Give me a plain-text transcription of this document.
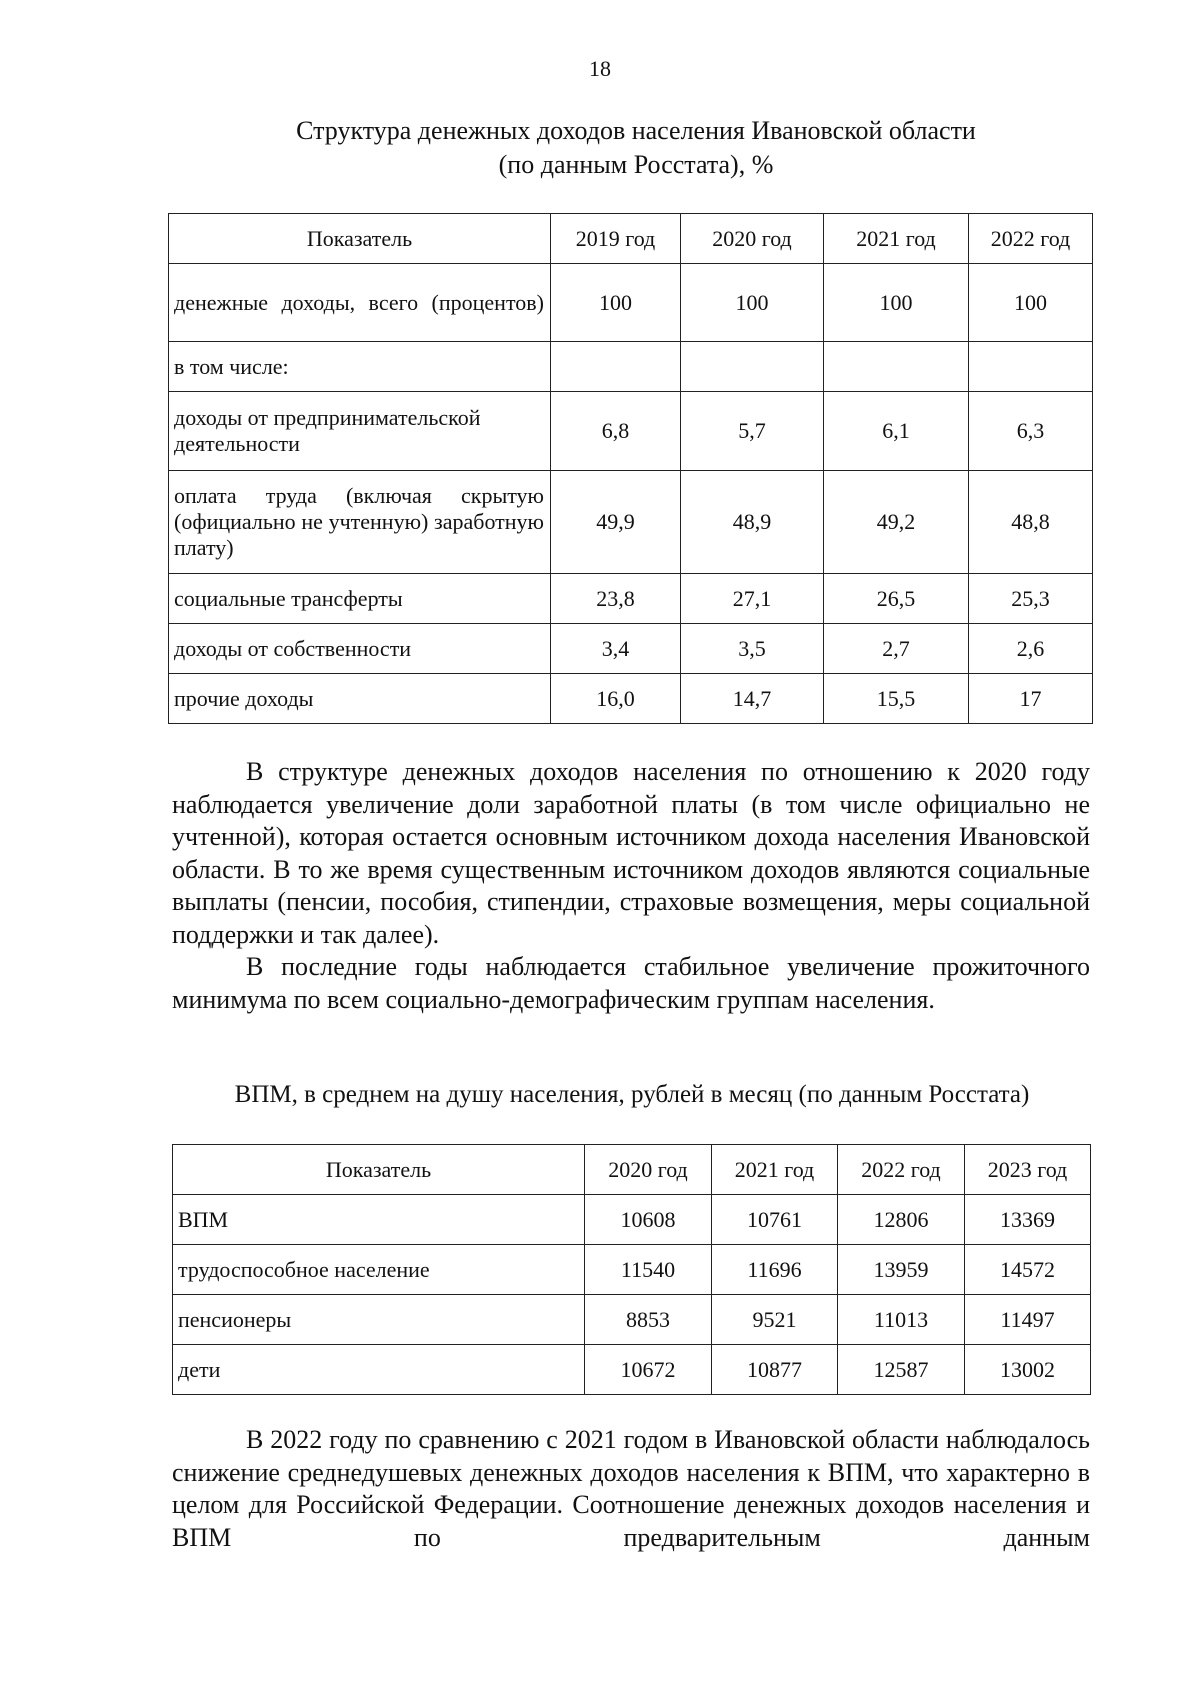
18
Структура денежных доходов населения Ивановской области
(по данным Росстата), %
Показатель	2019 год	2020 год	2021 год	2022 год
денежные доходы, всего (процентов)	100	100	100	100
в том числе:				
доходы от предпринимательской деятельности	6,8	5,7	6,1	6,3
оплата труда (включая скрытую (официально не учтенную) заработную плату)	49,9	48,9	49,2	48,8
социальные трансферты	23,8	27,1	26,5	25,3
доходы от собственности	3,4	3,5	2,7	2,6
прочие доходы	16,0	14,7	15,5	17

В структуре денежных доходов населения по отношению к 2020 году наблюдается увеличение доли заработной платы (в том числе официально не учтенной), которая остается основным источником дохода населения Ивановской области. В то же время существенным источником доходов являются социальные выплаты (пенсии, пособия, стипендии, страховые возмещения, меры социальной поддержки и так далее).

В последние годы наблюдается стабильное увеличение прожиточного минимума по всем социально-демографическим группам населения.

ВПМ, в среднем на душу населения, рублей в месяц (по данным Росстата)
Показатель	2020 год	2021 год	2022 год	2023 год
ВПМ	10608	10761	12806	13369
трудоспособное население	11540	11696	13959	14572
пенсионеры	8853	9521	11013	11497
дети	10672	10877	12587	13002

В 2022 году по сравнению с 2021 годом в Ивановской области наблюдалось снижение среднедушевых денежных доходов населения к ВПМ, что характерно в целом для Российской Федерации. Соотношение денежных доходов населения и ВПМ по предварительным данным
